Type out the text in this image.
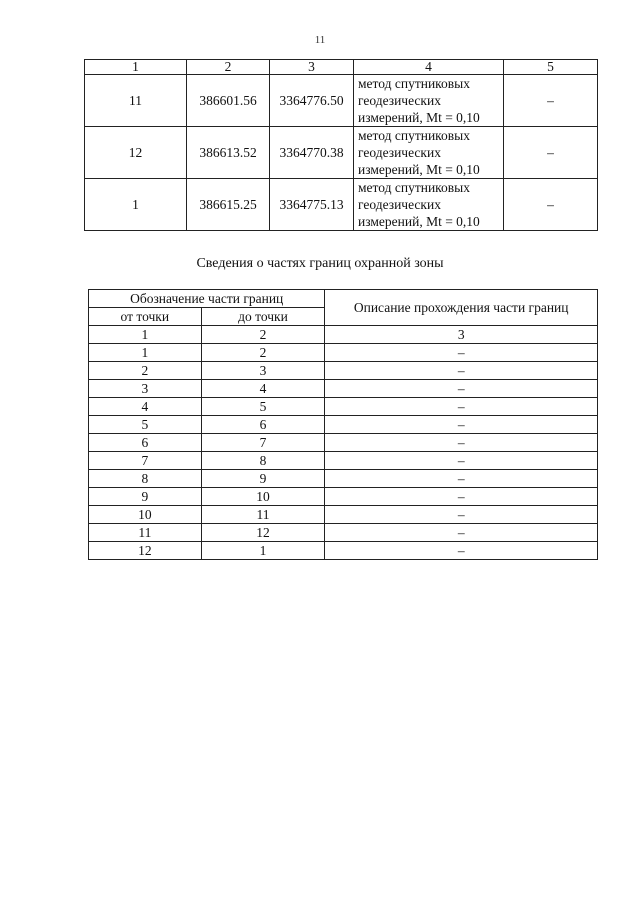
11
1	2	3	4	5
11	386601.56	3364776.50	метод спутниковых
геодезических
измерений, Mt = 0,10	–
12	386613.52	3364770.38	метод спутниковых
геодезических
измерений, Mt = 0,10	–
1	386615.25	3364775.13	метод спутниковых
геодезических
измерений, Mt = 0,10	–
Сведения о частях границ охранной зоны
Обозначение части границ		Описание прохождения части границ
от точки	до точки	
1	2	3
1	2	–
2	3	–
3	4	–
4	5	–
5	6	–
6	7	–
7	8	–
8	9	–
9	10	–
10	11	–
11	12	–
12	1	–
